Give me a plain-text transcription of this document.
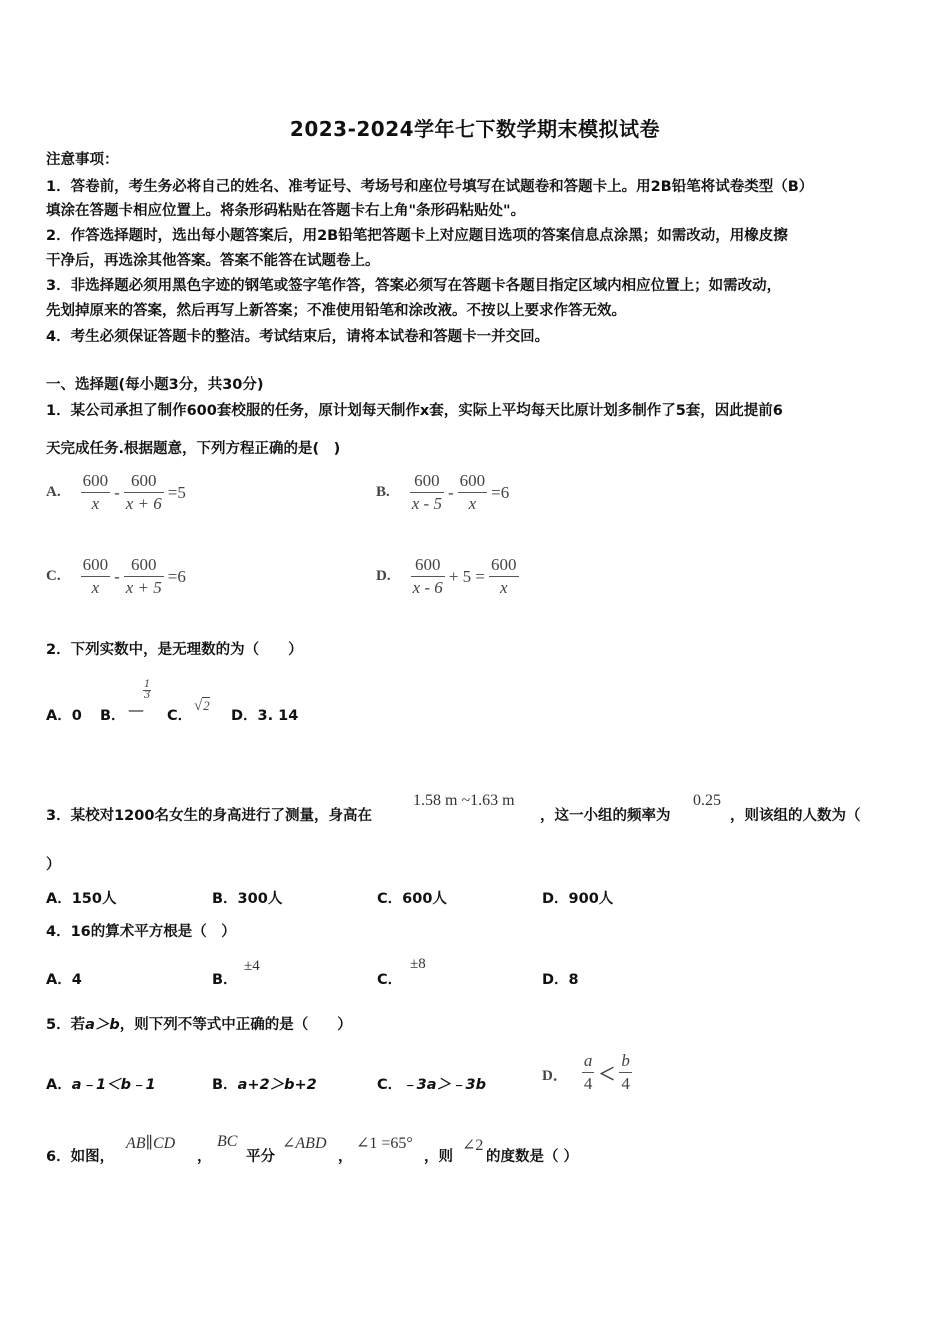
2023-2024学年七下数学期末模拟试卷
注意事项：
1．答卷前，考生务必将自己的姓名、准考证号、考场号和座位号填写在试题卷和答题卡上。用2B铅笔将试卷类型（B）
填涂在答题卡相应位置上。将条形码粘贴在答题卡右上角"条形码粘贴处"。
2．作答选择题时，选出每小题答案后，用2B铅笔把答题卡上对应题目选项的答案信息点涂黑；如需改动，用橡皮擦
干净后，再选涂其他答案。答案不能答在试题卷上。
3．非选择题必须用黑色字迹的钢笔或签字笔作答，答案必须写在答题卡各题目指定区域内相应位置上；如需改动，
先划掉原来的答案，然后再写上新答案；不准使用铅笔和涂改液。不按以上要求作答无效。
4．考生必须保证答题卡的整洁。考试结束后，请将本试卷和答题卡一并交回。
一、选择题(每小题3分，共30分)
1．某公司承担了制作600套校服的任务，原计划每天制作x套，实际上平均每天比原计划多制作了5套，因此提前6
天完成任务.根据题意，下列方程正确的是(　)
A. $\frac{600}{x} - \frac{600}{x + 6} =5$	B. $\frac{600}{x - 5} - \frac{600}{x} =6$
C. $\frac{600}{x} - \frac{600}{x + 5} =6$	D. $\frac{600}{x - 6} + 5 = \frac{600}{x}$
2．下列实数中，是无理数的为（　　）
A．0 B． —
1
3
C．
√2
D．3. 14
3．某校对1200名女生的身高进行了测量，身高在
1.58 m ~1.63 m
，这一小组的频率为
0.25
，则该组的人数为（
）
A．150人	B．300人	C．600人	D．900人
4．16的算术平方根是（　）
A．4	B．
±4
C．
±8
D．8
5．若a＞b，则下列不等式中正确的是（　　）
A．a﹣1＜b﹣1	B．a+2＞b+2	C．﹣3a＞﹣3b
D． $\frac{a}{4} < \frac{b}{4}$
6．如图，
AB∥CD
，
BC
平分
∠ABD
，
∠1 =65°
，则
∠2
的度数是（ ）
